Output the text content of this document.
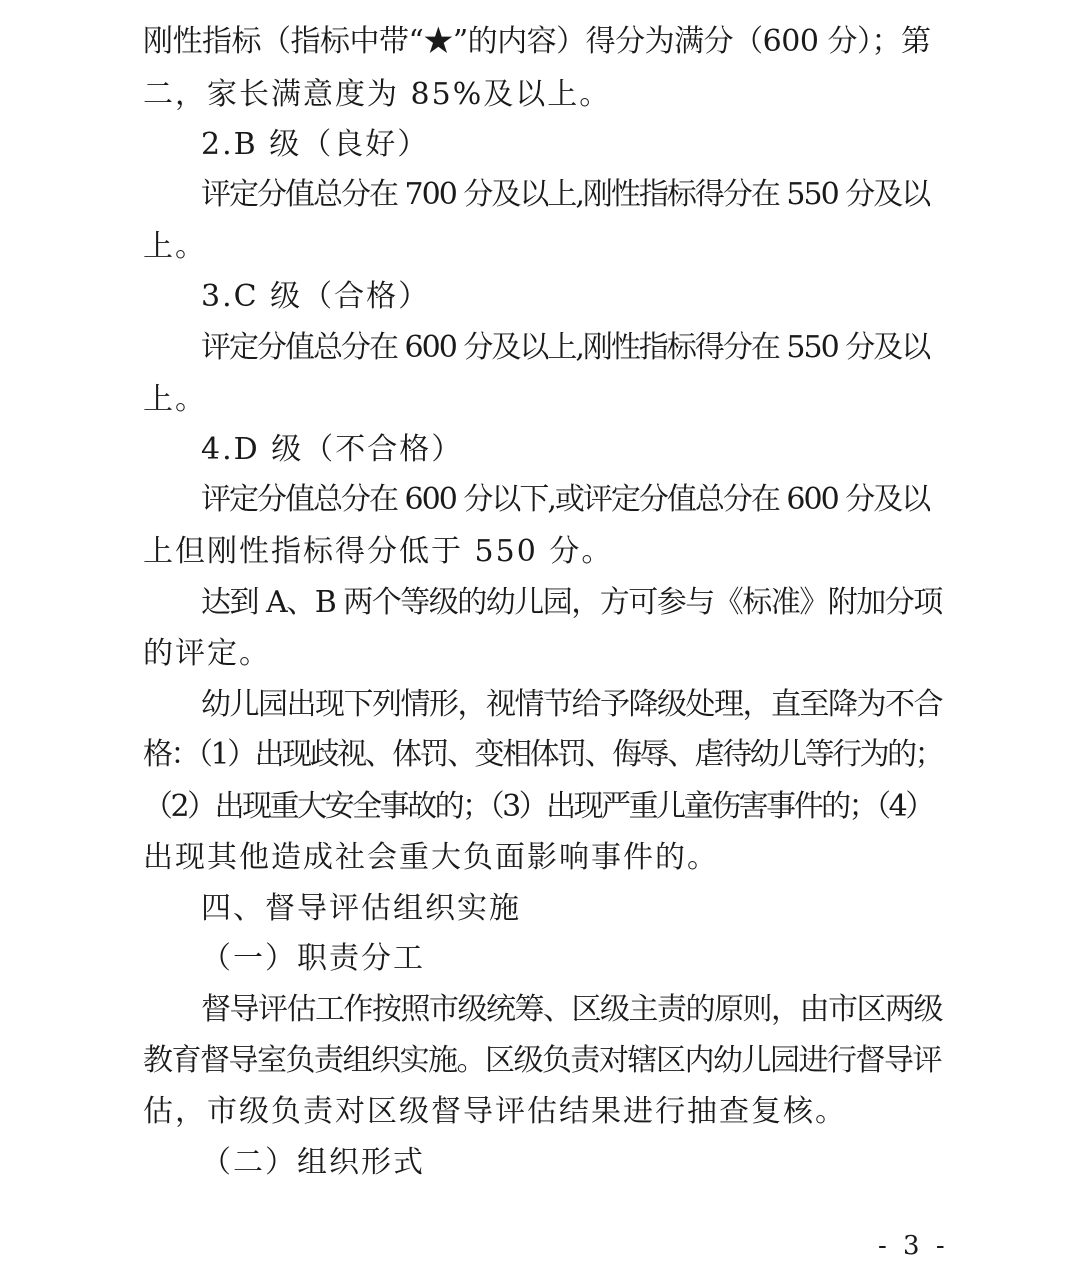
刚性指标（指标中带“★”的内容）得分为满分（600 分）；第
二，家长满意度为 85%及以上。
2.B 级（良好）
评定分值总分在 700 分及以上,刚性指标得分在 550 分及以
上。
3.C 级（合格）
评定分值总分在 600 分及以上,刚性指标得分在 550 分及以
上。
4.D 级（不合格）
评定分值总分在 600 分以下,或评定分值总分在 600 分及以
上但刚性指标得分低于 550 分。
达到 A、B 两个等级的幼儿园，方可参与《标准》附加分项
的评定。
幼儿园出现下列情形，视情节给予降级处理，直至降为不合
格：（1）出现歧视、体罚、变相体罚、侮辱、虐待幼儿等行为的；
（2）出现重大安全事故的；（3）出现严重儿童伤害事件的；（4）
出现其他造成社会重大负面影响事件的。
四、督导评估组织实施
（一）职责分工
督导评估工作按照市级统筹、区级主责的原则，由市区两级
教育督导室负责组织实施。区级负责对辖区内幼儿园进行督导评
估，市级负责对区级督导评估结果进行抽查复核。
（二）组织形式
- 3 -
